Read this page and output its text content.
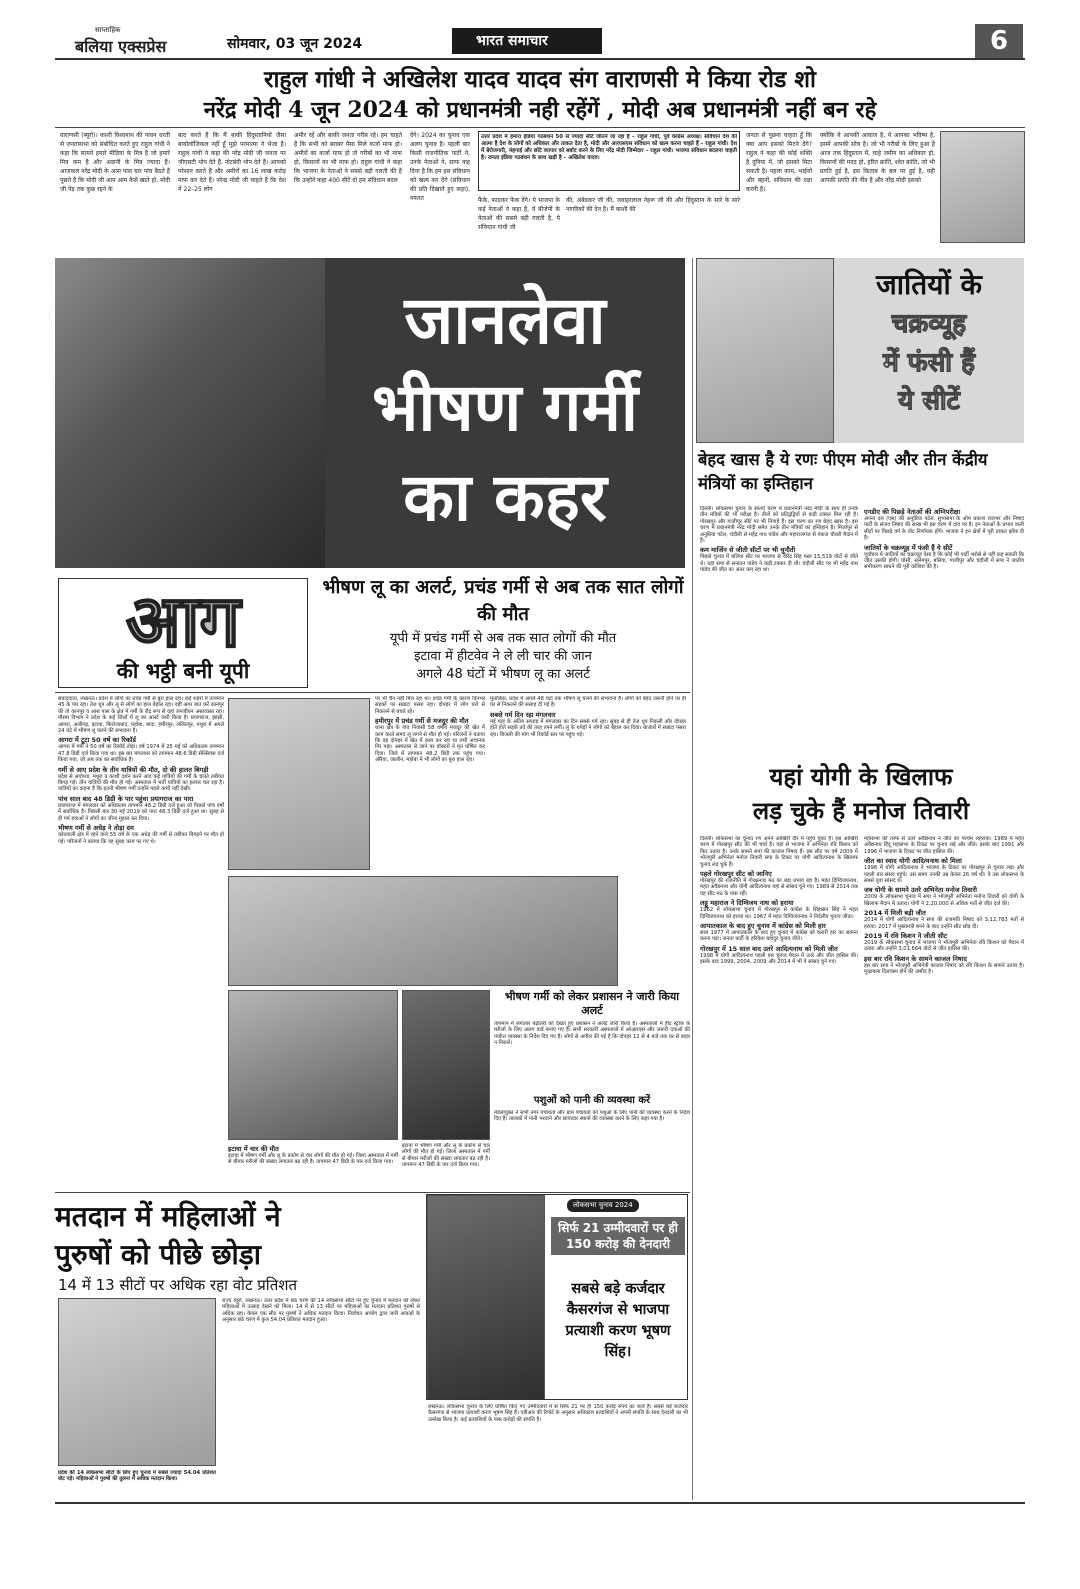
साप्ताहिक
बलिया एक्सप्रेस	सोमवार, 03 जून 2024	भारत समाचार	6
राहुल गांधी ने अखिलेश यादव यादव संग वाराणसी मे किया रोड शो
नरेंद्र मोदी 4 जून 2024 को प्रधानमंत्री नही रहेंगें , मोदी अब प्रधानमंत्री नहीं बन रहे
वाराणसी (ब्यूरो)। काशी विश्वनाथ की पावन धरती से जनतासभा को संबोधित करते हुए राहुल गांधी ने कहा कि सामने हमारे मीडिया के मित्र है जो हमारे मित्र कम है और अडानी के मित्र ज्यादा हैं। आजकल नरेंद्र मोदी के आस पास चार पांच बैठते हैं पूछते हैं कि मोदी जी आप आम कैसे खाते हो, मोदी जी पेड़ तक कुछ रहने के
बाद करते हैं कि मैं बाकी हिंदुस्तानियों जैसा बायोलॉजिकल नहीं हूँ मुझे परमात्मा ने भेजा है। राहुल गांधी ने कहा की नरेंद्र मोदी जी जनता पर जीएसटी थोप देते हैं, नोटबंदी थोप देते हैं। आपको परेशान करते हैं और अमीरों का 16 लाख करोड़ माफ कर देते हैं। नरेन्द्र मोदी जी चाहते हैं कि देश में 22–25 लोग
अमीर रहें और बाकी जनता गरीब रहे। हम चाहते हैं कि सभी को बराबर पैसा मिले कर्जा माफ हो। अमीरों का कर्जा माफ हो तो गरीबों का भी माफ हो, किसानों का भी माफ हो। राहुल गांधी ने कहा कि भाजपा के नेताओं ने सबसे बड़ी गलती की है कि उन्होंने कहा 400 सीटें दो हम संविधान बदल
देंगे। 2024 का चुनाव एक अलग चुनाव है। पहली बार किसी राजनीतिक पार्टी ने, उनके नेताओं ने, साफ कह दिया है कि हम इस संविधान को खत्म कर देंगे (संविधान की प्रति दिखाते हुए कहा), नफरत
उत्तर प्रदेश में हमारा इंडिया गठबंधन 50 से ज्यादा सीटें जीतने जा रहा है – राहुल गांधी, पूर्व कांग्रेस अध्यक्ष। संविधान देश की आत्मा है देश के लोगों को अधिकार और ताकत देता है, मोदी और आरएसएस संविधान को खत्म करना चाहते हैं – राहुल गांधी। देश में बेरोजगारी, मंहगाई और छोटे व्यापार को बर्बाद करने के लिए नरेंद्र मोदी जिम्मेदार – राहुल गांधी। भाजपा संविधान बदलना चाहती है। जनता इंडिया गठबंधन के साथ खड़ी है – अखिलेश यादव।
फैंके, फाड़कर फेंक देंगे। ये भाजपा के कई नेताओं ने कहा है, ये बीजेपी के नेताओं की सबसे बड़ी गलती है, ये संविधान गांधी जी
की, अंबेडकर जी की, जवाहरलाल नेहरू जी की और हिंदुस्तान के सारे के सारे नागरिकों की देन है। मैं काशी की
जनता से पूछना चाहता हूँ कि क्या आप इसको मिटने देंगे? राहुल ने कहा की कोई शक्ति है दुनिया में, जो इसको मिटा सकती है। पहला काम, भाईयों और बहनों, संविधान की रक्षा करनी है।
क्योंकि ये आपकी आवाज है, ये आपका भविष्य है, इसमें आपकी सोच है। जो भी गरीबों के लिए हुआ है आज तक हिंदुस्तान में, चाहे जमीन का अधिकार हो, किसानों की मदद हो, हरित क्रांति, श्वेत क्रांति, जो भी प्रगति हुई है, इस किताब के बल पर हुई है, यही आपकी प्रगति की नींव है और नरेंद्र मोदी इसको
जानलेवा
भीषण गर्मी
का कहर
आग
की भट्ठी बनी यूपी
भीषण लू का अलर्ट, प्रचंड गर्मी से अब तक सात लोगों की मौत
यूपी में प्रचंड गर्मी से अब तक सात लोगों की मौत
इटावा में हीटवेव ने ले ली चार की जान
अगले 48 घंटों में भीषण लू का अलर्ट
संवाददाता, लखनऊ। प्रदेश में लोगों का प्रचंड गर्मी से बुरा हाल रहा। कई शहरों में तापमान 45 के पार रहा। तेज धूप और लू से लोगों का हाल बेहाल रहा। वहीं अगर बात करें कानपुर की तो कानपुर व आस पास के क्षेत्र में गर्मी के रौद्र रूप से वहां जनजीवन अस्तव्यस्त रहा। मौसम विभाग ने प्रदेश के कई जिलों में लू का अलर्ट जारी किया है। प्रयागराज, झांसी, आगरा, अलीगढ़, इटावा, फिरोजाबाद, महोबा, बांदा, हमीरपुर, ललितपुर, मथुरा में अगले 24 घंटे में भीषण लू चलने की संभावना है।
आगरा में टूटा 50 वर्ष का रिकॉर्ड
आगरा में गर्मी ने 50 वर्ष का रिकॉर्ड तोड़ा। वर्ष 1974 में 25 मई को अधिकतम तापमान 47.8 डिग्री दर्ज किया गया था। इस बार मंगलवार को तापमान 48.6 डिग्री सेल्सियस दर्ज किया गया, जो अब तक का सर्वाधिक है।
गर्मी से आए प्रदेश के तीन यात्रियों की मौत, दो की हालत बिगड़ी
प्रदेश से अयोध्या, मथुरा व काशी दर्शन करने आए कई यात्रियों की गर्मी के चलते तबीयत बिगड़ गई। तीन यात्रियों की मौत हो गई। अस्पताल में भर्ती यात्रियों का इलाज चल रहा है। यात्रियों का कहना है कि इतनी भीषण गर्मी उन्होंने पहले कभी नहीं देखी।
पांच साल बाद 48 डिग्री के पार पहुंचा प्रयागराज का पारा
प्रयागराज में मंगलवार को अधिकतम तापमान 48.2 डिग्री दर्ज हुआ जो पिछले पांच वर्षों में सर्वाधिक है। पिछली बार 30 मई 2019 को पारा 48.3 डिग्री दर्ज हुआ था। सुबह से ही गर्म हवाओं ने लोगों का जीना मुहाल कर दिया।
भीषण गर्मी से अधेड़ ने तोड़ा दम
कोतवाली क्षेत्र में रहने वाले 55 वर्ष के एक अधेड़ की गर्मी से तबीयत बिगड़ने पर मौत हो गई। परिजनों ने बताया कि वह सुबह काम पर गए थे।
पर भी चैन नहीं मिल रहा था। प्रचंड गर्मी के कारण दिनभर सड़कों पर सन्नाटा पसरा रहा। दोपहर में लोग घरों से निकलने से बचते रहे।
हमीरपुर में प्रचंड गर्मी से मजदूर की मौत
थाना क्षेत्र के गांव निवासी 58 वर्षीय मजदूर की खेत में काम करते समय लू लगने से मौत हो गई। परिजनों ने बताया कि वह दोपहर में खेत में काम कर रहा था तभी अचानक गिर पड़ा। अस्पताल ले जाने पर डॉक्टरों ने मृत घोषित कर दिया। जिले में तापमान 48.2 डिग्री तक पहुंच गया। औरैया, जालौन, महोबा में भी लोगों का बुरा हाल रहा।
मुताबिक, प्रदेश में अगले 48 घंटों तक भीषण लू चलने की संभावना है। लोगों को बेहद जरूरी होने पर ही घर से निकलने की सलाह दी गई है।
सबसे गर्म दिन रहा मंगलवार
मई माह के अंतिम सप्ताह में मंगलवार का दिन सबसे गर्म रहा। सुबह से ही तेज धूप निकली और दोपहर होते होते सड़कें तवे की तरह तपने लगीं। लू के थपेड़ों ने लोगों को बेहाल कर दिया। बाजारों में सन्नाटा पसरा रहा। बिजली की मांग भी रिकॉर्ड स्तर पर पहुंच गई।
इटावा में चार की मौत
इटावा में भीषण गर्मी और लू के प्रकोप से चार लोगों की मौत हो गई। जिला अस्पताल में गर्मी से बीमार मरीजों की संख्या लगातार बढ़ रही है। तापमान 47 डिग्री के पार दर्ज किया गया।
इटावा में भीषण गर्मी और लू के प्रकोप से चार लोगों की मौत हो गई। जिला अस्पताल में गर्मी से बीमार मरीजों की संख्या लगातार बढ़ रही है। तापमान 47 डिग्री के पार दर्ज किया गया।
भीषण गर्मी को लेकर प्रशासन ने जारी किया अलर्ट
तापमान में लगातार बढ़ोतरी को देखते हुए प्रशासन ने अलर्ट जारी किया है। अस्पतालों में हीट स्ट्रोक के मरीजों के लिए अलग वार्ड बनाए गए हैं। सभी सरकारी अस्पतालों में ओआरएस और जरूरी दवाओं की पर्याप्त व्यवस्था के निर्देश दिए गए हैं। लोगों से अपील की गई है कि दोपहर 12 से 4 बजे तक घर से बाहर न निकलें।
पशुओं को पानी की व्यवस्था करें
मंडलायुक्त ने सभी नगर पंचायतों और ग्राम पंचायतों को पशुओं के लिए पानी की व्यवस्था करने के निर्देश दिए हैं। तालाबों में पानी भरवाने और छायादार स्थानों की व्यवस्था करने के लिए कहा गया है।
मतदान में महिलाओं ने
पुरुषों को पीछे छोड़ा
14 में 13 सीटों पर अधिक रहा वोट प्रतिशत
प्रदेश की 14 लोकसभा सीटों के लिए हुए चुनाव में सबसे ज्यादा 54.04 प्रतिशत वोट पड़े। महिलाओं ने पुरुषों की तुलना में अधिक मतदान किया।
राज्य ब्यूरो, लखनऊ। उत्तर प्रदेश में छठे चरण की 14 लोकसभा सीटों पर हुए चुनाव में मतदान को लेकर महिलाओं में उत्साह देखने को मिला। 14 में से 13 सीटों पर महिलाओं का मतदान प्रतिशत पुरुषों से अधिक रहा। केवल एक सीट पर पुरुषों ने अधिक मतदान किया। निर्वाचन आयोग द्वारा जारी आंकड़ों के अनुसार छठे चरण में कुल 54.04 प्रतिशत मतदान हुआ।
लोकसभा चुनाव 2024
सिर्फ 21 उम्मीदवारों पर ही 150 करोड़ की देनदारी
सबसे बड़े कर्जदार कैसरगंज से भाजपा प्रत्याशी करण भूषण सिंह।
लखनऊ। लोकसभा चुनाव के लिए घोषित किए गए उम्मीदवारों में से सिर्फ 21 पर ही 150 करोड़ रुपये का कर्ज है। सबसे बड़े कर्जदार कैसरगंज से भाजपा प्रत्याशी करण भूषण सिंह हैं। एडीआर की रिपोर्ट के अनुसार अधिकांश प्रत्याशियों ने अपनी संपत्ति के साथ देनदारी का भी उल्लेख किया है। कई प्रत्याशियों के पास करोड़ों की संपत्ति है।
जातियों के
चक्रव्यूह
में फंसी हैं
ये सीटें
बेहद खास है ये रणः पीएम मोदी और तीन केंद्रीय मंत्रियों का इम्तिहान
दिल्ली। लोकसभा चुनाव के सातवें चरण में प्रधानमंत्री नरेंद्र मोदी के साथ ही उनके तीन मंत्रियों की भी परीक्षा है। तीनों को प्रतिद्वंद्वियों से कड़ी टक्कर मिल रही है। गोरखपुर और गाजीपुर सीटें पर भी निगाहें हैं। इस चरण का रण बेहद खास है। इस चरण में प्रधानमंत्री नरेंद्र मोदी समेत उनके तीन मंत्रियों का इम्तिहान है। मिर्जापुर से अनुप्रिया पटेल, चंदौली से महेंद्र नाथ पांडेय और महाराजगंज से पंकज चौधरी मैदान में हैं।
कम मार्जिन से जीती सीटों पर भी चुनौती
पिछले चुनाव में बलिया सीट पर भाजपा से वीरेंद्र सिंह मस्त 15,519 वोटों से जीते थे। यहां सपा से सनातन पांडेय ने कड़ी टक्कर दी थी। चंदौली सीट पर भी महेंद्र नाथ पांडेय की जीत का अंतर कम रहा था।
एनडीए की पिछड़े नेताओं की अग्निपरीक्षा
अपना दल (एस) की अनुप्रिया पटेल, सुभासपा के ओम प्रकाश राजभर और निषाद पार्टी के संजय निषाद की साख भी इस चरण में दांव पर है। इन नेताओं के प्रभाव वाली सीटों पर पिछड़े वर्ग के वोट निर्णायक होंगे। भाजपा ने इन क्षेत्रों में पूरी ताकत झोंक दी है।
जातियों के चक्रव्यूह में फंसी हैं ये सीटें
पूर्वांचल में जातियों का चक्रव्यूह ऐसा है कि कोई भी पार्टी भरोसे से नहीं कह सकती कि जीत उसकी होगी। घोसी, सलेमपुर, बलिया, गाजीपुर और चंदौली में सपा ने जातीय समीकरण साधने की पूरी कोशिश की है।
यहां योगी के खिलाफ
लड़ चुके हैं मनोज तिवारी
दिल्ली। लोकसभा का चुनाव रण अपने आखिरी दौर में पहुंच चुका है। इस आखिरी चरण में गोरखपुर सीट की भी चर्चा है। यहां से भाजपा ने अभिनेता रवि किशन को फिर उतारा है। उनके सामने सपा की काजल निषाद हैं। इस सीट पर वर्ष 2009 में भोजपुरी अभिनेता मनोज तिवारी सपा के टिकट पर योगी आदित्यनाथ के खिलाफ चुनाव लड़ चुके हैं।
पहले गोरखपुर सीट को जानिए
गोरखपुर की राजनीति में गोरक्षनाथ मठ का बड़ा प्रभाव रहा है। महंत दिग्विजयनाथ, महंत अवैद्यनाथ और योगी आदित्यनाथ यहां से सांसद चुने गए। 1989 से 2014 तक यह सीट मठ के पास रही।
लड्डू महाराज ने दिग्विजय नाथ को हराया
1962 में लोकसभा चुनाव में गोरखपुर से कांग्रेस के सिंहासन सिंह ने महंत दिग्विजयनाथ को हराया था। 1967 में महंत दिग्विजयनाथ ने निर्दलीय चुनाव जीता।
आपातकाल के बाद हुए चुनाव में कांग्रेस को मिली हार
साल 1977 में आपातकाल के बाद हुए चुनाव में कांग्रेस को करारी हार का सामना करना पड़ा। जनता पार्टी के हरिकेश बहादुर चुनाव जीते।
गोरखपुर में 15 साल बाद उतरे आदित्यनाथ को मिली जीत
1998 में योगी आदित्यनाथ पहली बार चुनाव मैदान में उतरे और जीत हासिल की। इसके बाद 1999, 2004, 2009 और 2014 में भी वे सांसद चुने गए।
महासभा की तरफ से उतरे अवैद्यनाथ ने जीत का परचम लहराया। 1989 में महंत अवैद्यनाथ हिंदू महासभा के टिकट पर चुनाव लड़े और जीते। इसके बाद 1991 और 1996 में भाजपा के टिकट पर जीत हासिल की।
जीत का स्वाद योगी आदित्यनाथ को मिला
1998 में योगी आदित्यनाथ ने भाजपा के टिकट पर गोरखपुर से चुनाव लड़ा और पहली बार संसद पहुंचे। उस समय उनकी उम्र केवल 26 वर्ष थी। वे उस लोकसभा के सबसे युवा सांसद थे।
जब योगी के सामने उतरे अभिनेता मनोज तिवारी
2009 के लोकसभा चुनाव में सपा ने भोजपुरी अभिनेता मनोज तिवारी को योगी के खिलाफ मैदान में उतारा। योगी ने 2,20,000 से अधिक मतों से जीत दर्ज की।
2014 में मिली बड़ी जीत
2014 में योगी आदित्यनाथ ने सपा की राजमति निषाद को 3,12,783 मतों से हराया। 2017 में मुख्यमंत्री बनने के बाद उन्होंने सीट छोड़ दी।
2019 में रवि किशन ने जीती सीट
2019 के लोकसभा चुनाव में भाजपा ने भोजपुरी अभिनेता रवि किशन को मैदान में उतारा और उन्होंने 3,01,664 वोटों से जीत हासिल की।
इस बार रवि किशन के सामने काजल निषाद
इस बार सपा ने भोजपुरी अभिनेत्री काजल निषाद को रवि किशन के सामने उतारा है। मुकाबला दिलचस्प होने की उम्मीद है।
